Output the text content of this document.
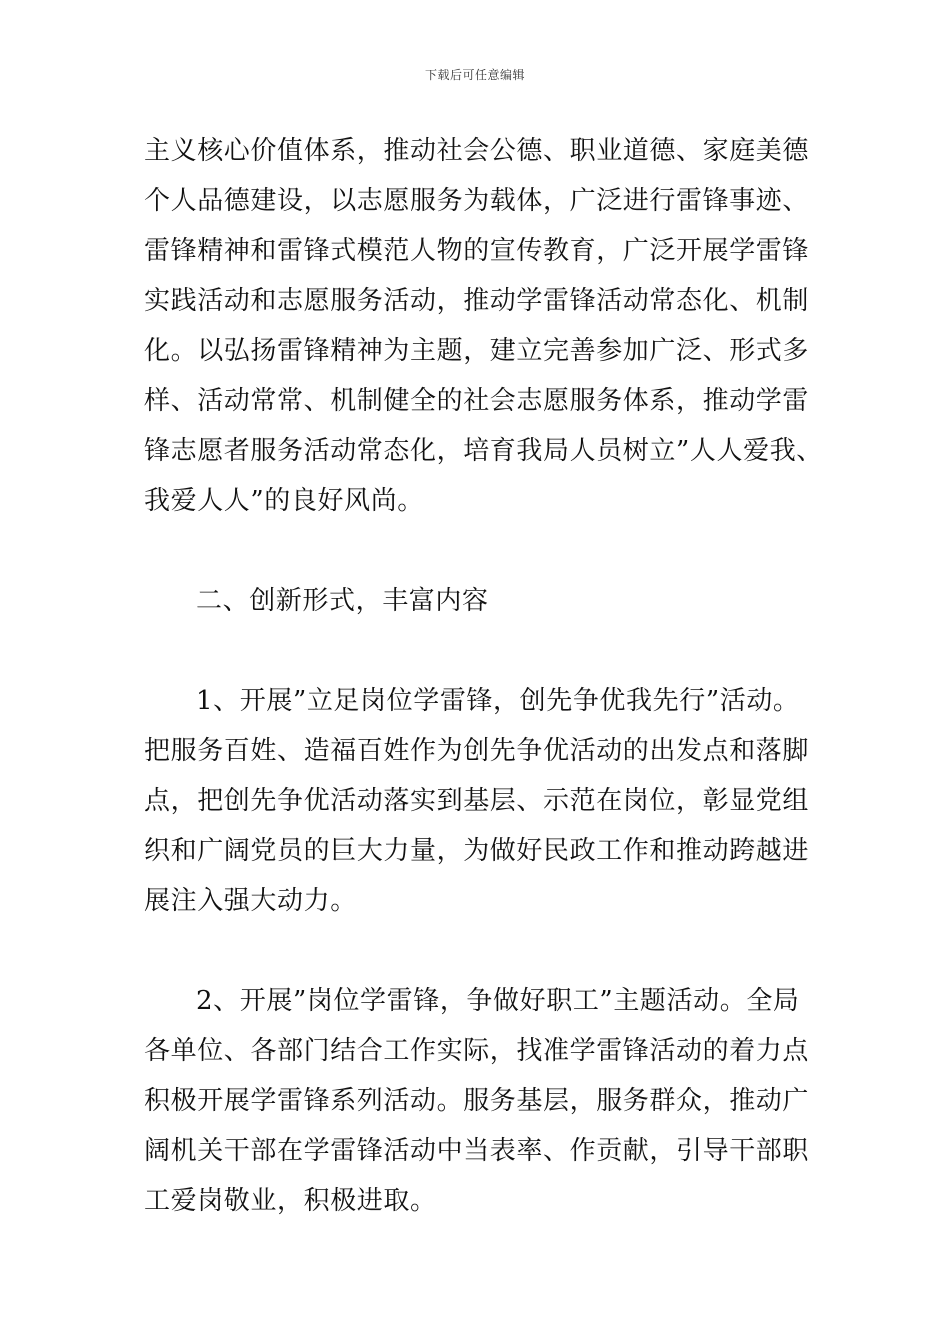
下载后可任意编辑
主义核心价值体系，推动社会公德、职业道德、家庭美德
个人品德建设，以志愿服务为载体，广泛进行雷锋事迹、
雷锋精神和雷锋式模范人物的宣传教育，广泛开展学雷锋
实践活动和志愿服务活动，推动学雷锋活动常态化、机制
化。以弘扬雷锋精神为主题，建立完善参加广泛、形式多
样、活动常常、机制健全的社会志愿服务体系，推动学雷
锋志愿者服务活动常态化，培育我局人员树立”人人爱我、
我爱人人”的良好风尚。
二、创新形式，丰富内容
1、开展”立足岗位学雷锋，创先争优我先行”活动。
把服务百姓、造福百姓作为创先争优活动的出发点和落脚
点，把创先争优活动落实到基层、示范在岗位，彰显党组
织和广阔党员的巨大力量，为做好民政工作和推动跨越进
展注入强大动力。
2、开展”岗位学雷锋，争做好职工”主题活动。全局
各单位、各部门结合工作实际，找准学雷锋活动的着力点
积极开展学雷锋系列活动。服务基层，服务群众，推动广
阔机关干部在学雷锋活动中当表率、作贡献，引导干部职
工爱岗敬业，积极进取。
